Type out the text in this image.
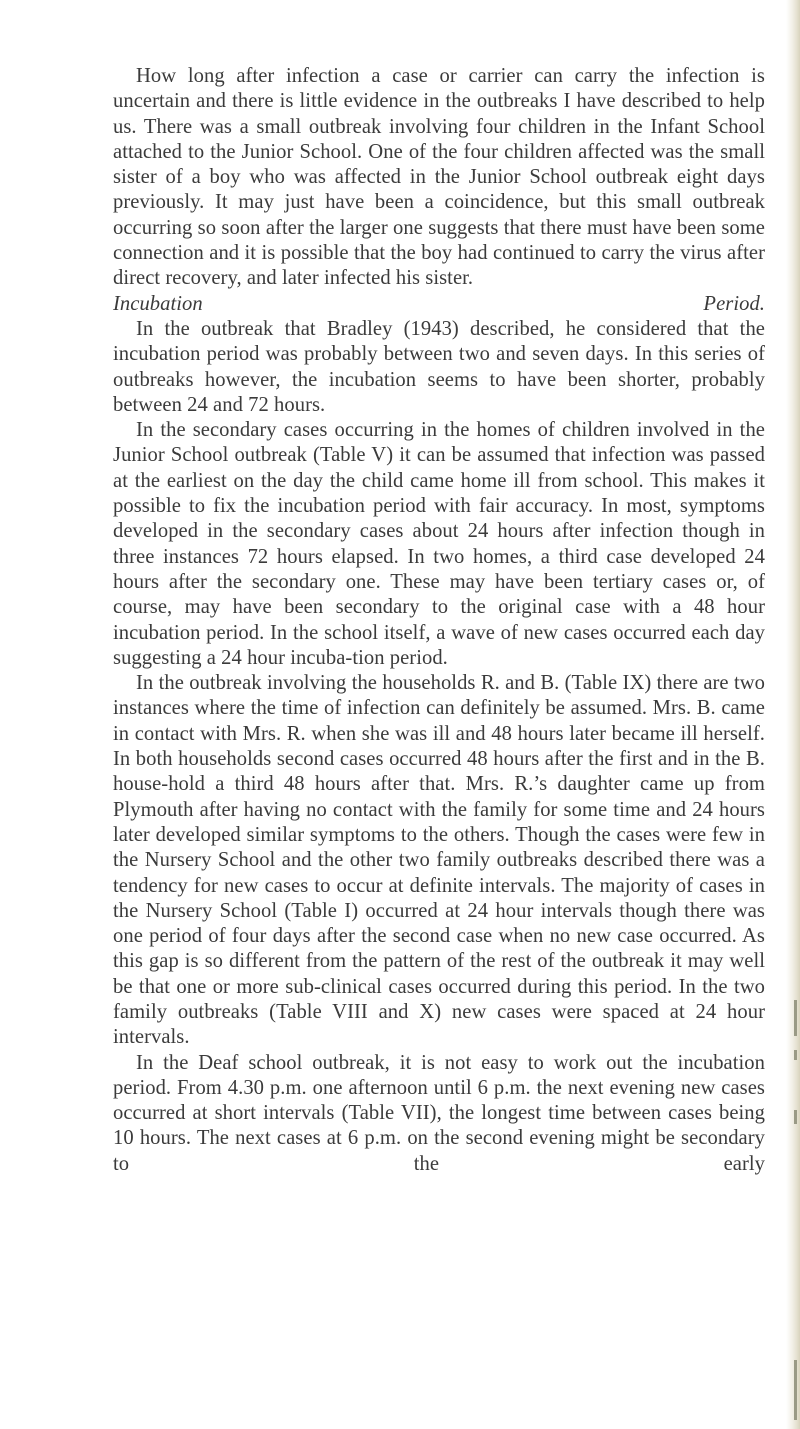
How long after infection a case or carrier can carry the infection is uncertain and there is little evidence in the outbreaks I have described to help us. There was a small outbreak involving four children in the Infant School attached to the Junior School. One of the four children affected was the small sister of a boy who was affected in the Junior School outbreak eight days previously. It may just have been a coincidence, but this small outbreak occurring so soon after the larger one suggests that there must have been some connection and it is possible that the boy had continued to carry the virus after direct recovery, and later infected his sister.

Incubation Period.

In the outbreak that Bradley (1943) described, he considered that the incubation period was probably between two and seven days. In this series of outbreaks however, the incubation seems to have been shorter, probably between 24 and 72 hours.

In the secondary cases occurring in the homes of children involved in the Junior School outbreak (Table V) it can be assumed that infection was passed at the earliest on the day the child came home ill from school. This makes it possible to fix the incubation period with fair accuracy. In most, symptoms developed in the secondary cases about 24 hours after infection though in three instances 72 hours elapsed. In two homes, a third case developed 24 hours after the secondary one. These may have been tertiary cases or, of course, may have been secondary to the original case with a 48 hour incubation period. In the school itself, a wave of new cases occurred each day suggesting a 24 hour incuba-tion period.

In the outbreak involving the households R. and B. (Table IX) there are two instances where the time of infection can definitely be assumed. Mrs. B. came in contact with Mrs. R. when she was ill and 48 hours later became ill herself. In both households second cases occurred 48 hours after the first and in the B. house-hold a third 48 hours after that. Mrs. R.’s daughter came up from Plymouth after having no contact with the family for some time and 24 hours later developed similar symptoms to the others. Though the cases were few in the Nursery School and the other two family outbreaks described there was a tendency for new cases to occur at definite intervals. The majority of cases in the Nursery School (Table I) occurred at 24 hour intervals though there was one period of four days after the second case when no new case occurred. As this gap is so different from the pattern of the rest of the outbreak it may well be that one or more sub-clinical cases occurred during this period. In the two family outbreaks (Table VIII and X) new cases were spaced at 24 hour intervals.

In the Deaf school outbreak, it is not easy to work out the incubation period. From 4.30 p.m. one afternoon until 6 p.m. the next evening new cases occurred at short intervals (Table VII), the longest time between cases being 10 hours. The next cases at 6 p.m. on the second evening might be secondary to the early
